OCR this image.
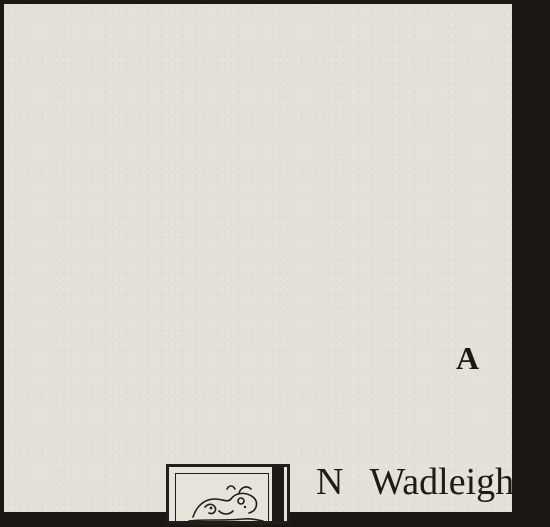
A N
N Wadleigh
